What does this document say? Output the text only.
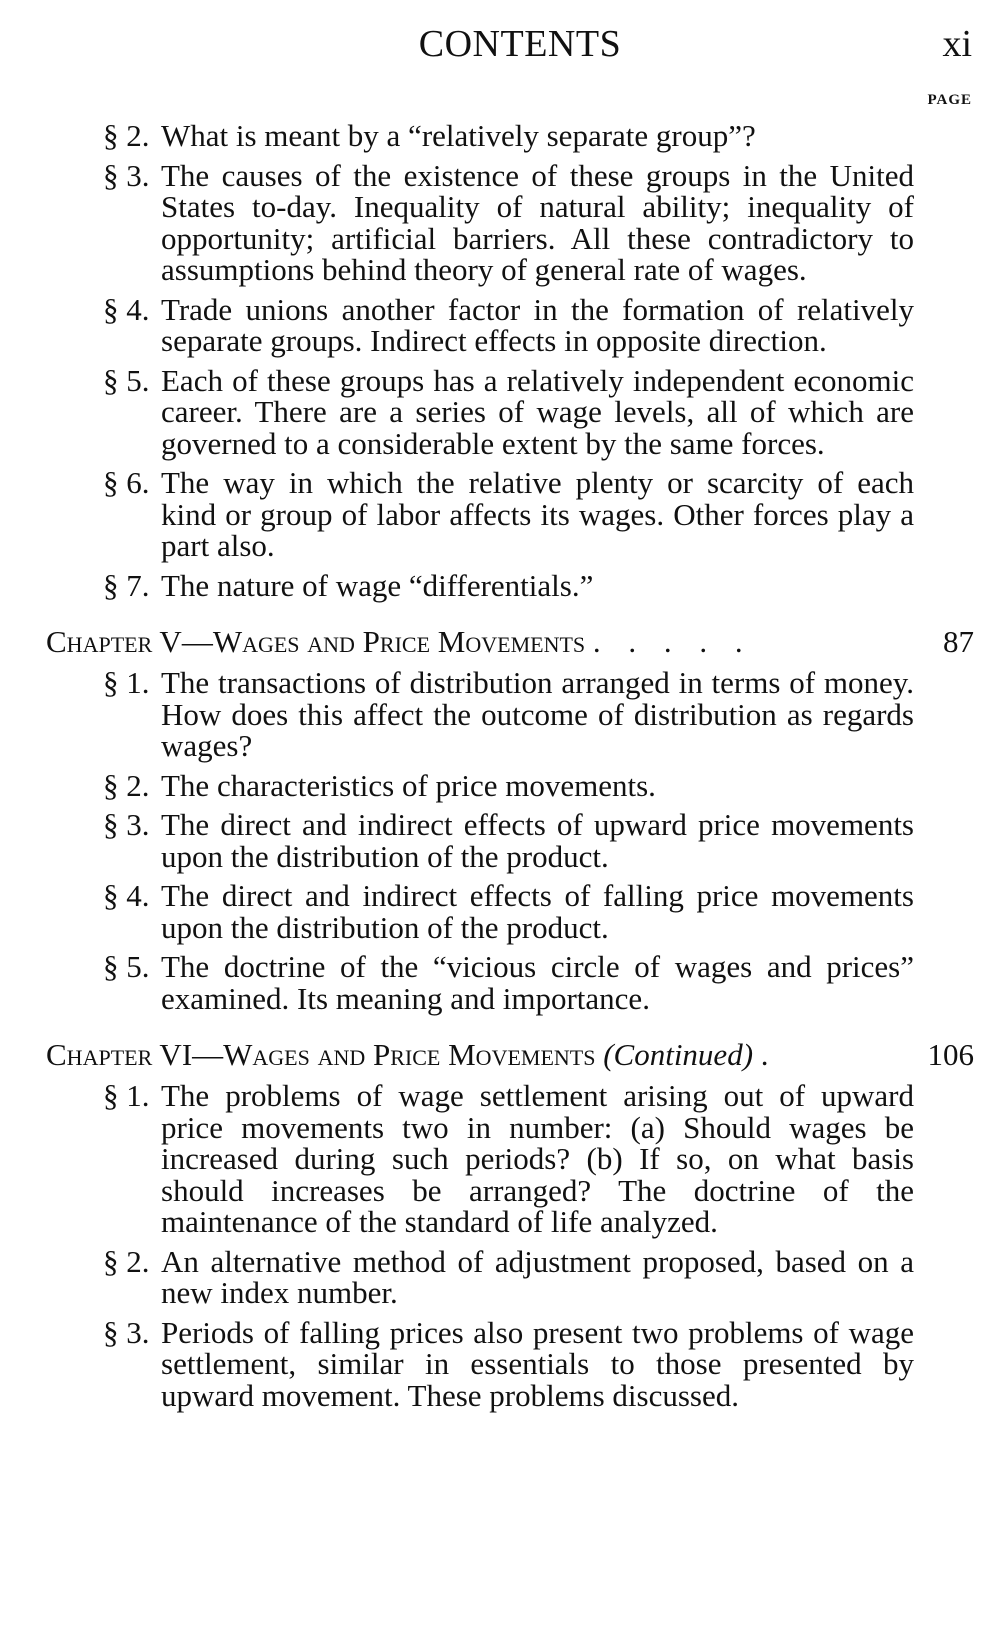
CONTENTS	xi
PAGE

§ 2. What is meant by a “relatively separate group”?

§ 3. The causes of the existence of these groups in the United States to-day. Inequality of natural ability; inequality of opportunity; artificial barriers. All these contradictory to assumptions behind theory of general rate of wages.

§ 4. Trade unions another factor in the formation of relatively separate groups. Indirect effects in opposite direction.

§ 5. Each of these groups has a relatively independent economic career. There are a series of wage levels, all of which are governed to a considerable extent by the same forces.

§ 6. The way in which the relative plenty or scarcity of each kind or group of labor affects its wages. Other forces play a part also.

§ 7. The nature of wage “differentials.”

Chapter V—Wages and Price Movements . . . . .	87

§ 1. The transactions of distribution arranged in terms of money. How does this affect the outcome of distribution as regards wages?

§ 2. The characteristics of price movements.

§ 3. The direct and indirect effects of upward price movements upon the distribution of the product.

§ 4. The direct and indirect effects of falling price movements upon the distribution of the product.

§ 5. The doctrine of the “vicious circle of wages and prices” examined. Its meaning and importance.

Chapter VI—Wages and Price Movements (Continued) .	106

§ 1. The problems of wage settlement arising out of upward price movements two in number: (a) Should wages be increased during such periods? (b) If so, on what basis should increases be arranged? The doctrine of the maintenance of the standard of life analyzed.

§ 2. An alternative method of adjustment proposed, based on a new index number.

§ 3. Periods of falling prices also present two problems of wage settlement, similar in essentials to those presented by upward movement. These problems discussed.
